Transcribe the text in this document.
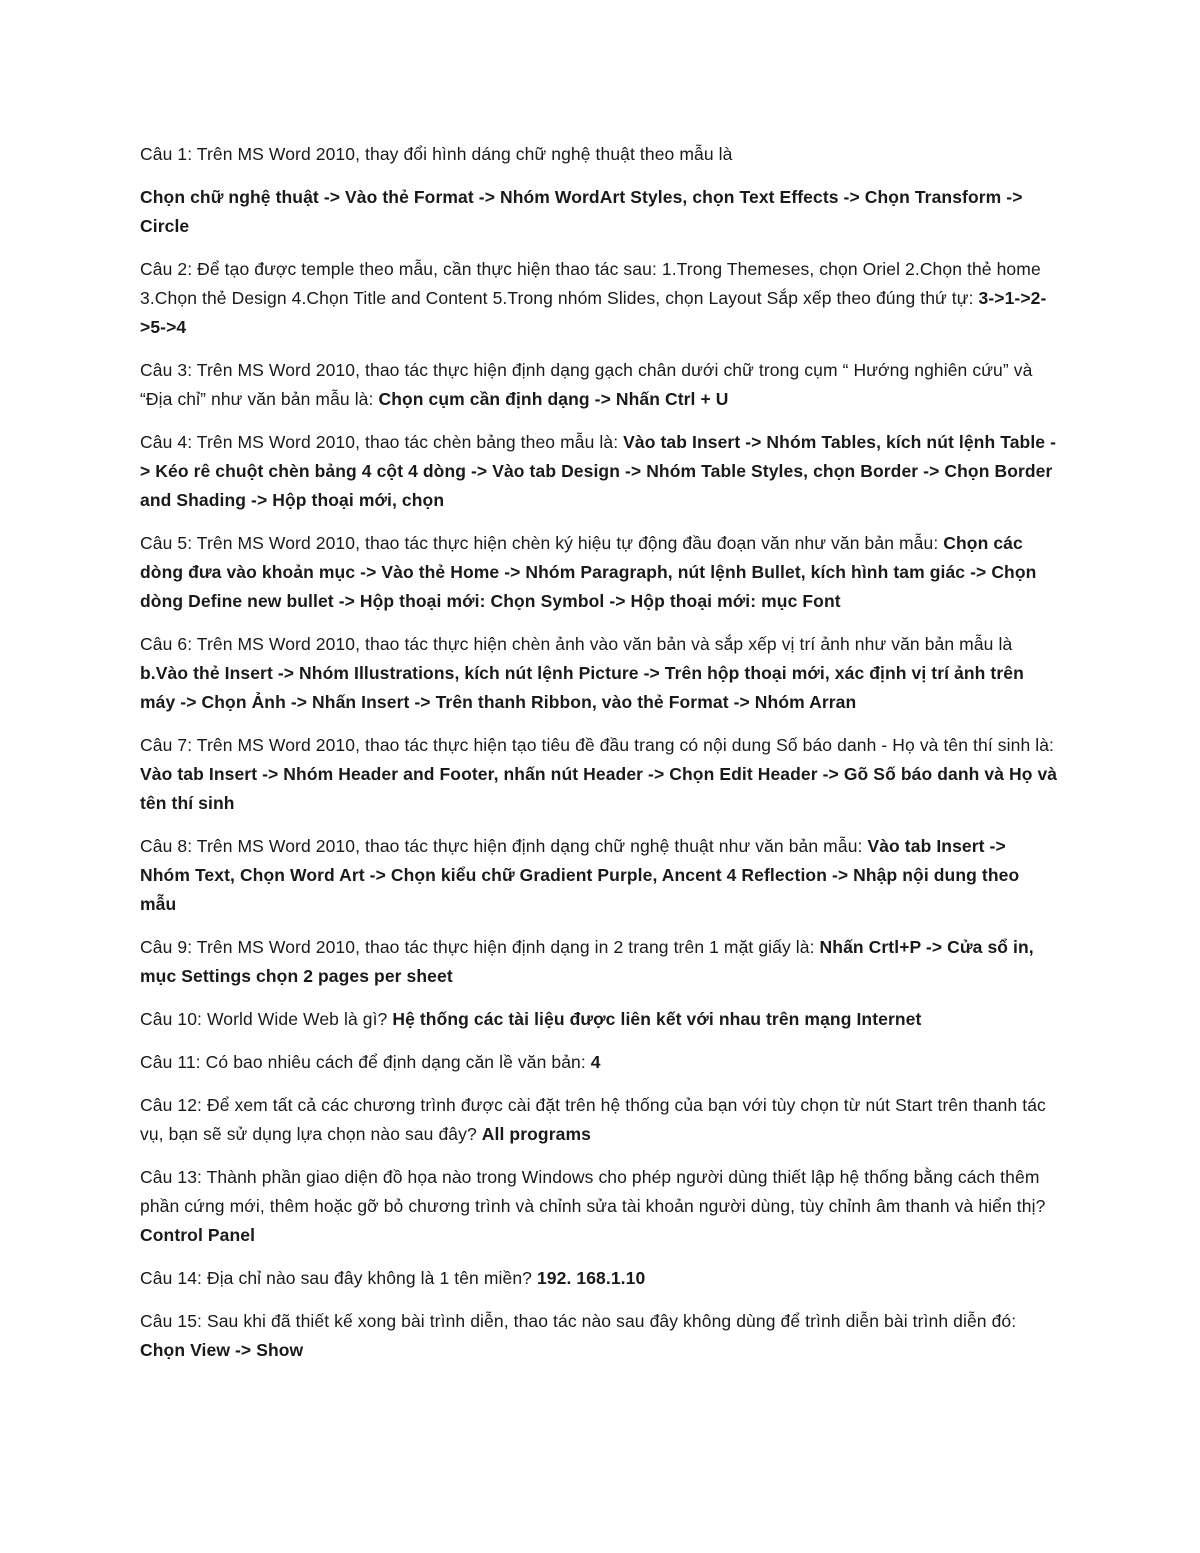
Câu 1: Trên MS Word 2010, thay đổi hình dáng chữ nghệ thuật theo mẫu là

Chọn chữ nghệ thuật -> Vào thẻ Format -> Nhóm WordArt Styles, chọn Text Effects -> Chọn Transform -> Circle

Câu 2: Để tạo được temple theo mẫu, cần thực hiện thao tác sau: 1.Trong Themeses, chọn Oriel 2.Chọn thẻ home 3.Chọn thẻ Design 4.Chọn Title and Content 5.Trong nhóm Slides, chọn Layout Sắp xếp theo đúng thứ tự: 3->1->2->5->4

Câu 3: Trên MS Word 2010, thao tác thực hiện định dạng gạch chân dưới chữ trong cụm “ Hướng nghiên cứu” và “Địa chỉ” như văn bản mẫu là: Chọn cụm cần định dạng -> Nhấn Ctrl + U

Câu 4: Trên MS Word 2010, thao tác chèn bảng theo mẫu là: Vào tab Insert -> Nhóm Tables, kích nút lệnh Table -> Kéo rê chuột chèn bảng 4 cột 4 dòng -> Vào tab Design -> Nhóm Table Styles, chọn Border -> Chọn Border and Shading -> Hộp thoại mới, chọn

Câu 5: Trên MS Word 2010, thao tác thực hiện chèn ký hiệu tự động đầu đoạn văn như văn bản mẫu: Chọn các dòng đưa vào khoản mục -> Vào thẻ Home -> Nhóm Paragraph, nút lệnh Bullet, kích hình tam giác -> Chọn dòng Define new bullet -> Hộp thoại mới: Chọn Symbol -> Hộp thoại mới: mục Font

Câu 6: Trên MS Word 2010, thao tác thực hiện chèn ảnh vào văn bản và sắp xếp vị trí ảnh như văn bản mẫu là b.Vào thẻ Insert -> Nhóm Illustrations, kích nút lệnh Picture -> Trên hộp thoại mới, xác định vị trí ảnh trên máy -> Chọn Ảnh -> Nhấn Insert -> Trên thanh Ribbon, vào thẻ Format -> Nhóm Arran

Câu 7: Trên MS Word 2010, thao tác thực hiện tạo tiêu đề đầu trang có nội dung Số báo danh - Họ và tên thí sinh là: Vào tab Insert -> Nhóm Header and Footer, nhấn nút Header -> Chọn Edit Header -> Gõ Số báo danh và Họ và tên thí sinh

Câu 8: Trên MS Word 2010, thao tác thực hiện định dạng chữ nghệ thuật như văn bản mẫu: Vào tab Insert -> Nhóm Text, Chọn Word Art -> Chọn kiểu chữ Gradient Purple, Ancent 4 Reflection -> Nhập nội dung theo mẫu

Câu 9: Trên MS Word 2010, thao tác thực hiện định dạng in 2 trang trên 1 mặt giấy là: Nhấn Crtl+P -> Cửa sổ in, mục Settings chọn 2 pages per sheet

Câu 10: World Wide Web là gì? Hệ thống các tài liệu được liên kết với nhau trên mạng Internet

Câu 11: Có bao nhiêu cách để định dạng căn lề văn bản: 4

Câu 12: Để xem tất cả các chương trình được cài đặt trên hệ thống của bạn với tùy chọn từ nút Start trên thanh tác vụ, bạn sẽ sử dụng lựa chọn nào sau đây? All programs

Câu 13: Thành phần giao diện đồ họa nào trong Windows cho phép người dùng thiết lập hệ thống bằng cách thêm phần cứng mới, thêm hoặc gỡ bỏ chương trình và chỉnh sửa tài khoản người dùng, tùy chỉnh âm thanh và hiển thị? Control Panel

Câu 14: Địa chỉ nào sau đây không là 1 tên miền? 192. 168.1.10

Câu 15: Sau khi đã thiết kế xong bài trình diễn, thao tác nào sau đây không dùng để trình diễn bài trình diễn đó: Chọn View -> Show
